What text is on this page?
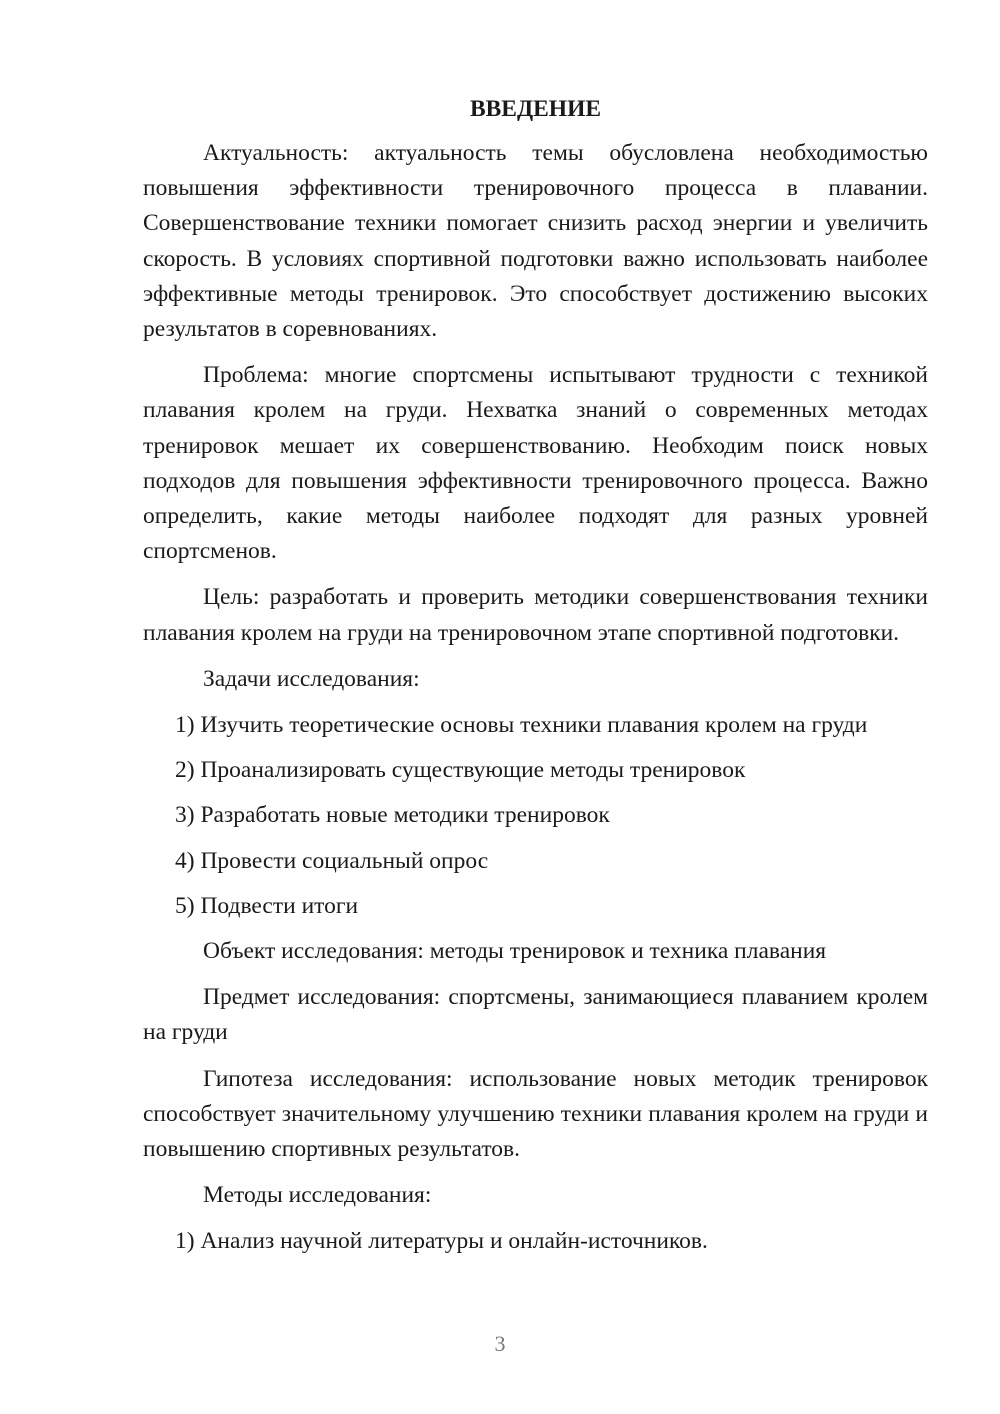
ВВЕДЕНИЕ
Актуальность: актуальность темы обусловлена необходимостью повышения эффективности тренировочного процесса в плавании. Совершенствование техники помогает снизить расход энергии и увеличить скорость. В условиях спортивной подготовки важно использовать наиболее эффективные методы тренировок. Это способствует достижению высоких результатов в соревнованиях.
Проблема: многие спортсмены испытывают трудности с техникой плавания кролем на груди. Нехватка знаний о современных методах тренировок мешает их совершенствованию. Необходим поиск новых подходов для повышения эффективности тренировочного процесса. Важно определить, какие методы наиболее подходят для разных уровней спортсменов.
Цель: разработать и проверить методики совершенствования техники плавания кролем на груди на тренировочном этапе спортивной подготовки.
Задачи исследования:
1) Изучить теоретические основы техники плавания кролем на груди
2) Проанализировать существующие методы тренировок
3) Разработать новые методики тренировок
4) Провести социальный опрос
5) Подвести итоги
Объект исследования: методы тренировок и техника плавания
Предмет исследования: спортсмены, занимающиеся плаванием кролем на груди
Гипотеза исследования: использование новых методик тренировок способствует значительному улучшению техники плавания кролем на груди и повышению спортивных результатов.
Методы исследования:
1) Анализ научной литературы и онлайн-источников.
3
